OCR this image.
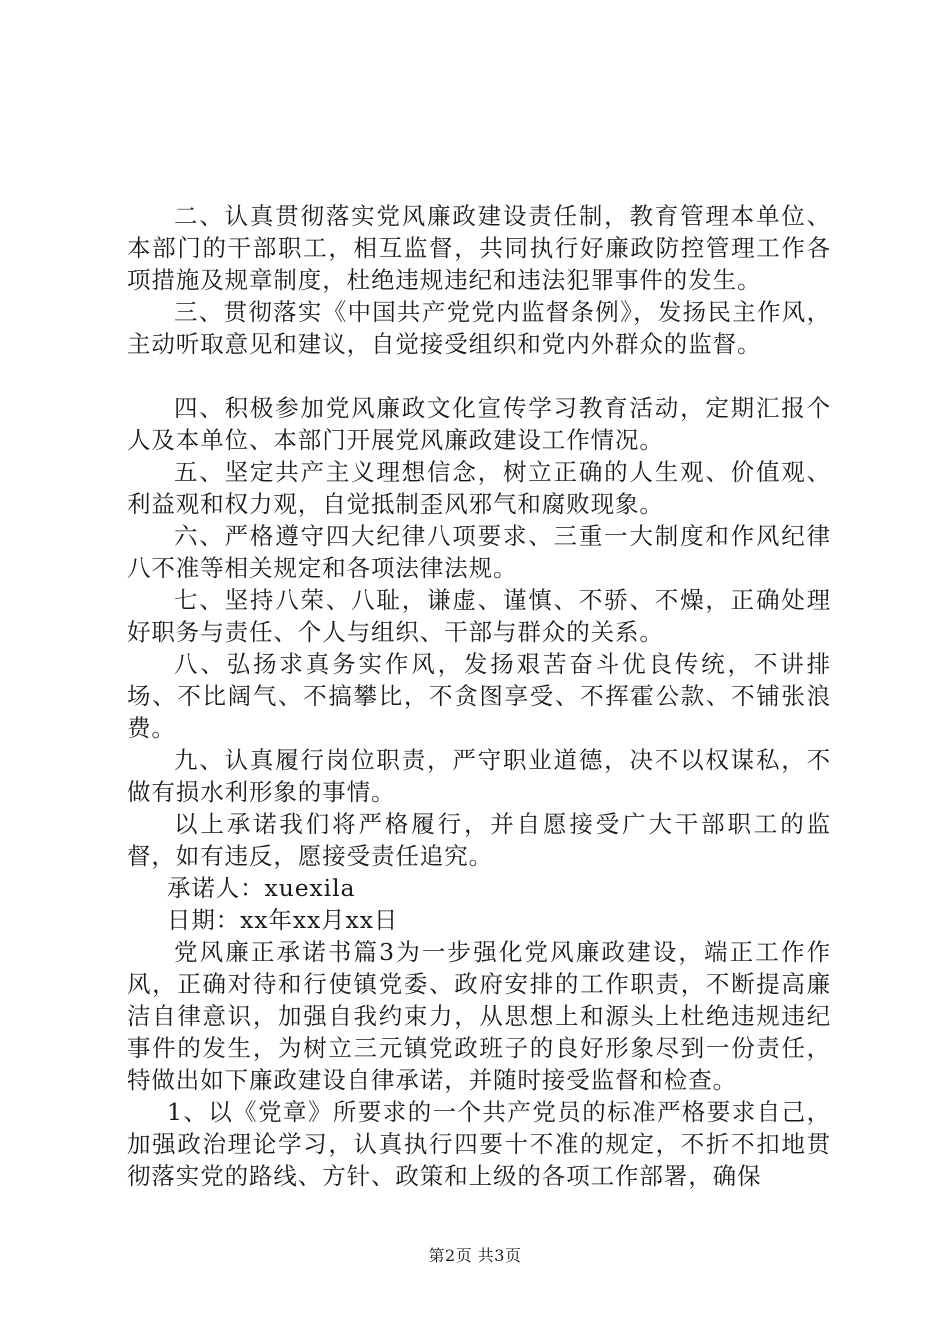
二、认真贯彻落实党风廉政建设责任制，教育管理本单位、本部门的干部职工，相互监督，共同执行好廉政防控管理工作各项措施及规章制度，杜绝违规违纪和违法犯罪事件的发生。

三、贯彻落实《中国共产党党内监督条例》，发扬民主作风，主动听取意见和建议，自觉接受组织和党内外群众的监督。

四、积极参加党风廉政文化宣传学习教育活动，定期汇报个人及本单位、本部门开展党风廉政建设工作情况。

五、坚定共产主义理想信念，树立正确的人生观、价值观、利益观和权力观，自觉抵制歪风邪气和腐败现象。

六、严格遵守四大纪律八项要求、三重一大制度和作风纪律八不准等相关规定和各项法律法规。

七、坚持八荣、八耻，谦虚、谨慎、不骄、不燥，正确处理好职务与责任、个人与组织、干部与群众的关系。

八、弘扬求真务实作风，发扬艰苦奋斗优良传统，不讲排场、不比阔气、不搞攀比，不贪图享受、不挥霍公款、不铺张浪费。

九、认真履行岗位职责，严守职业道德，决不以权谋私，不做有损水利形象的事情。

以上承诺我们将严格履行，并自愿接受广大干部职工的监督，如有违反，愿接受责任追究。

承诺人：xuexila

日期：xx年xx月xx日

党风廉正承诺书篇3为一步强化党风廉政建设，端正工作作风，正确对待和行使镇党委、政府安排的工作职责，不断提高廉洁自律意识，加强自我约束力，从思想上和源头上杜绝违规违纪事件的发生，为树立三元镇党政班子的良好形象尽到一份责任，特做出如下廉政建设自律承诺，并随时接受监督和检查。

1、以《党章》所要求的一个共产党员的标准严格要求自己，加强政治理论学习，认真执行四要十不准的规定，不折不扣地贯彻落实党的路线、方针、政策和上级的各项工作部署，确保

第2页 共3页
